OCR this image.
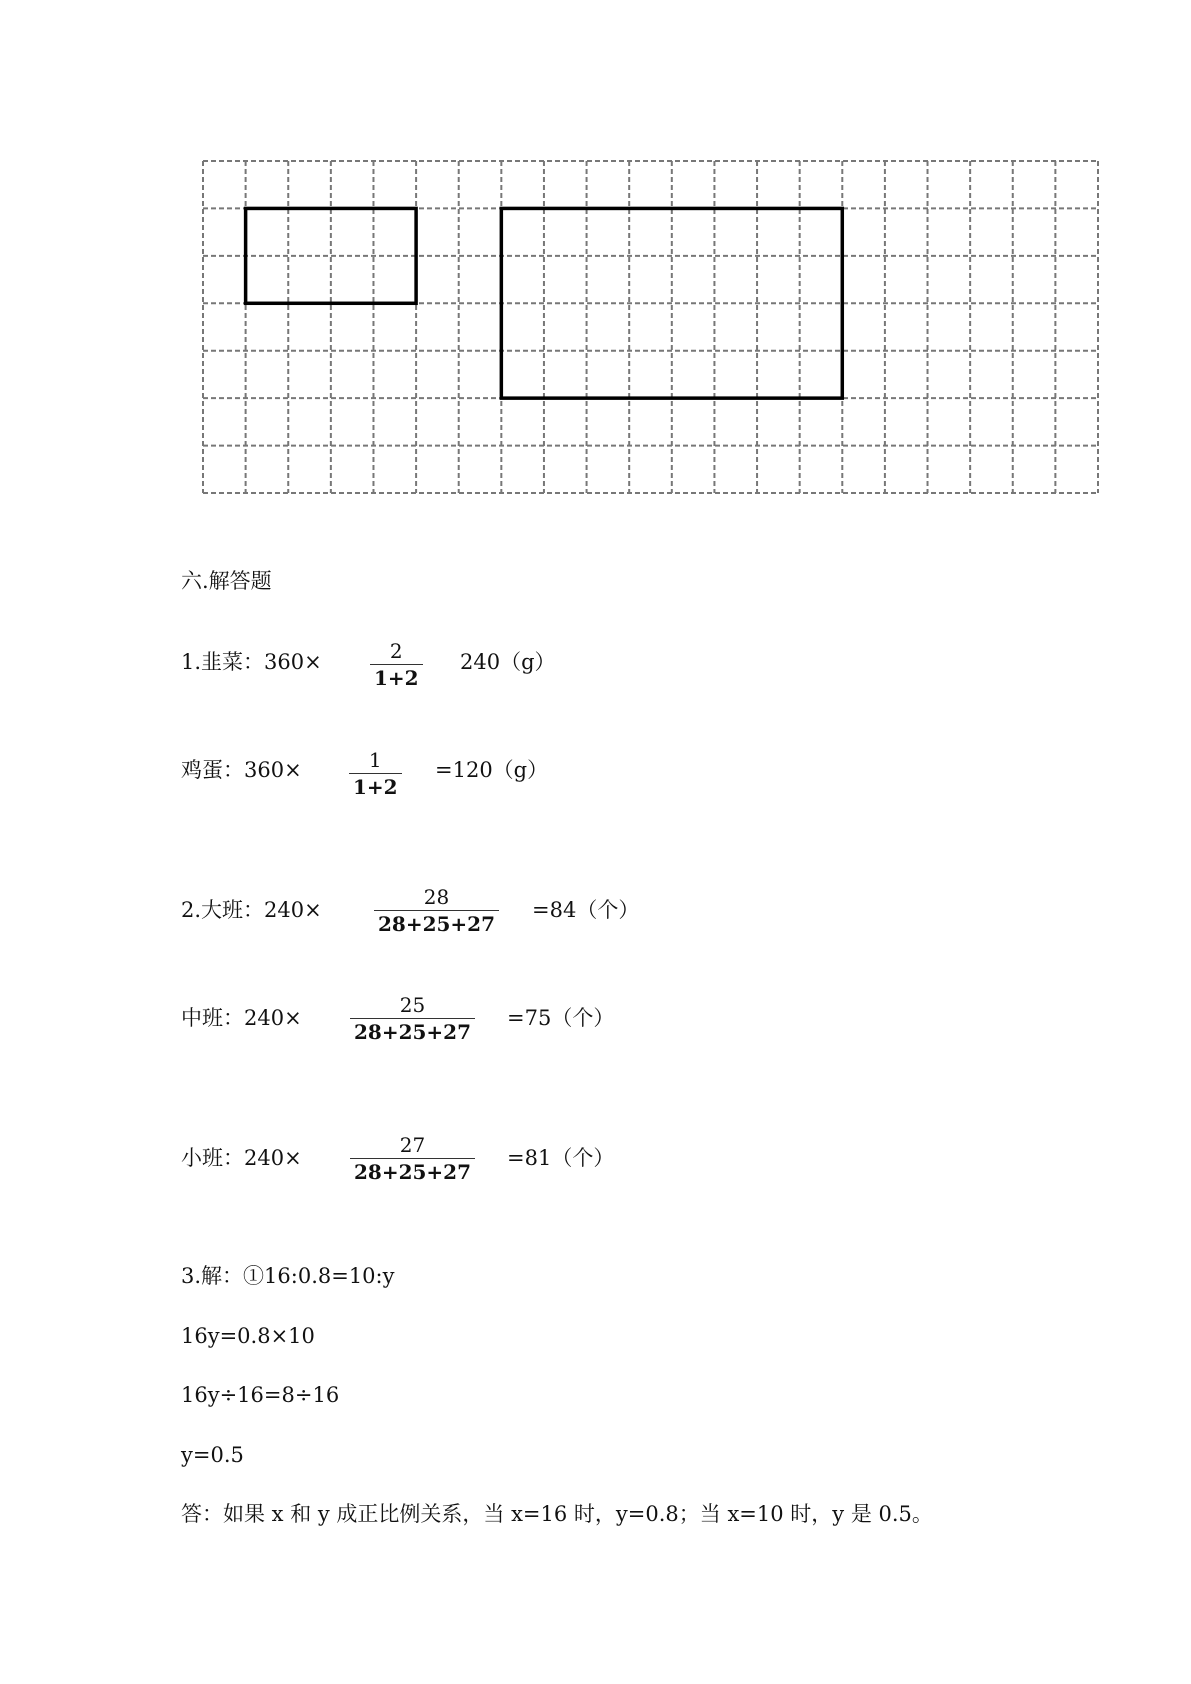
六.解答题
1.韭菜：360×	2
1+2
240（g）
鸡蛋：360×	1
1+2
=120（g）
2.大班：240×
28
28+25+27
=84（个）
中班：240×
25
28+25+27
=75（个）
小班：240×
27
28+25+27
=81（个）
3.解：①16:0.8=10:y
16y=0.8×10
16y÷16=8÷16
y=0.5
答：如果 x 和 y 成正比例关系，当 x=16 时，y=0.8；当 x=10 时，y 是 0.5。
